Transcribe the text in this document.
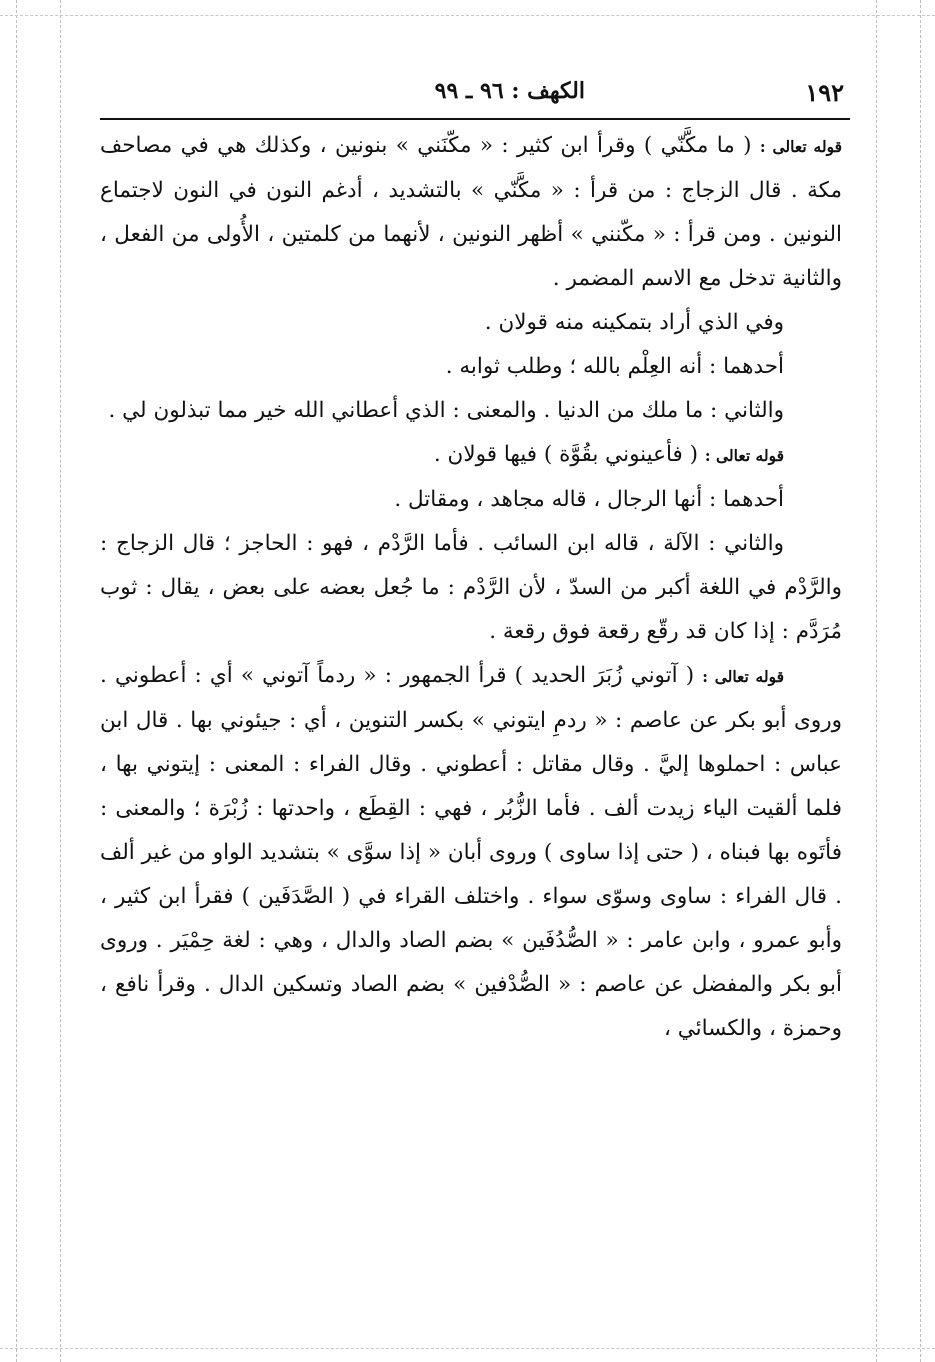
١٩٢
الكهف : ٩٦ ـ ٩٩

قوله تعالى : ( ما مكَّنّي ) وقرأ ابن كثير : « مكّنَني » بنونين ، وكذلك هي في مصاحف مكة . قال الزجاج : من قرأ : « مكَّنّي » بالتشديد ، أدغم النون في النون لاجتماع النونين . ومن قرأ : « مكّنني » أظهر النونين ، لأنهما من كلمتين ، الأُولى من الفعل ، والثانية تدخل مع الاسم المضمر .

وفي الذي أراد بتمكينه منه قولان .

أحدهما : أنه العِلْم بالله ؛ وطلب ثوابه .

والثاني : ما ملك من الدنيا . والمعنى : الذي أعطاني الله خير مما تبذلون لي .

قوله تعالى : ( فأعينوني بقُوَّة ) فيها قولان .

أحدهما : أنها الرجال ، قاله مجاهد ، ومقاتل .

والثاني : الآلة ، قاله ابن السائب . فأما الرَّدْم ، فهو : الحاجز ؛ قال الزجاج : والرَّدْم في اللغة أكبر من السدّ ، لأن الرَّدْم : ما جُعل بعضه على بعض ، يقال : ثوب مُرَدَّم : إذا كان قد رقّع رقعة فوق رقعة .

قوله تعالى : ( آتوني زُبَرَ الحديد ) قرأ الجمهور : « ردماً آتوني » أي : أعطوني . وروى أبو بكر عن عاصم : « ردمِ ايتوني » بكسر التنوين ، أي : جيئوني بها . قال ابن عباس : احملوها إليَّ . وقال مقاتل : أعطوني . وقال الفراء : المعنى : إيتوني بها ، فلما ألقيت الياء زيدت ألف . فأما الزُّبُر ، فهي : القِطَع ، واحدتها : زُبْرَة ؛ والمعنى : فأتَوه بها فبناه ، ( حتى إذا ساوى ) وروى أبان « إذا سوَّى » بتشديد الواو من غير ألف . قال الفراء : ساوى وسوّى سواء . واختلف القراء في ( الصَّدَفَين ) فقرأ ابن كثير ، وأبو عمرو ، وابن عامر : « الصُّدُفَين » بضم الصاد والدال ، وهي : لغة حِمْيَر . وروى أبو بكر والمفضل عن عاصم : « الصُّدْفين » بضم الصاد وتسكين الدال . وقرأ نافع ، وحمزة ، والكسائي ،
